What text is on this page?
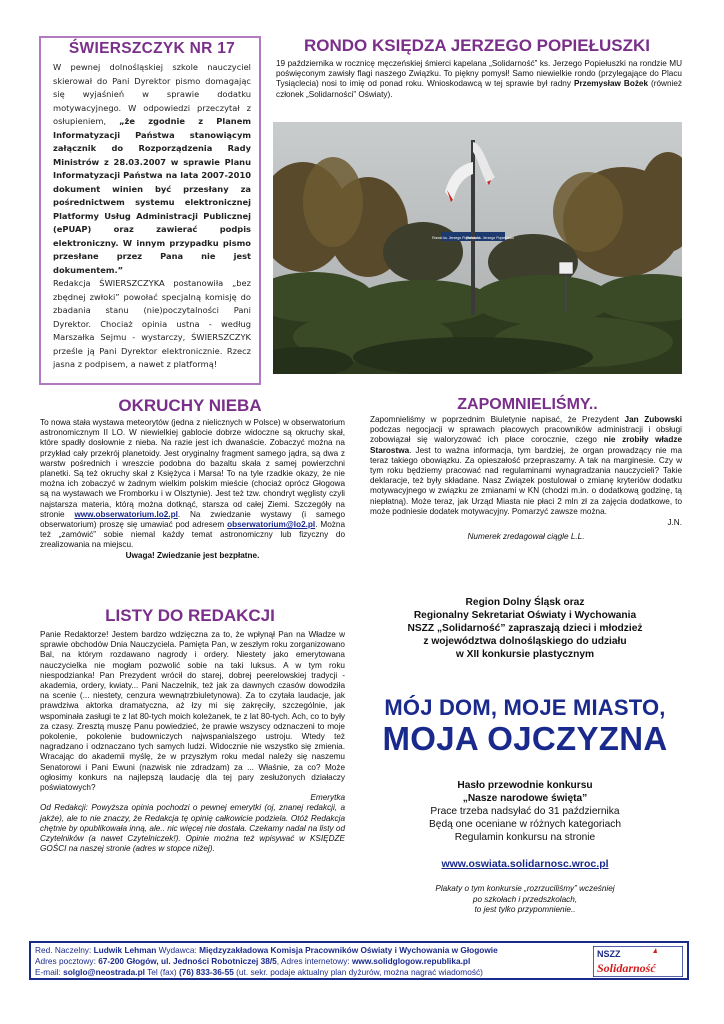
ŚWIERSZCZYK NR 17
W pewnej dolnośląskiej szkole nauczyciel skierował do Pani Dyrektor pismo domagając się wyjaśnień w sprawie dodatku motywacyjnego. W odpowiedzi przeczytał z osłupieniem, „że zgodnie z Planem Informatyzacji Państwa stanowiącym załącznik do Rozporządzenia Rady Ministrów z 28.03.2007 w sprawie Planu Informatyzacji Państwa na lata 2007-2010 dokument winien być przesłany za pośrednictwem systemu elektronicznej Platformy Usług Administracji Publicznej (ePUAP) oraz zawierać podpis elektroniczny. W innym przypadku pismo przesłane przez Pana nie jest dokumentem.”
Redakcja ŚWIERSZCZYKA postanowiła „bez zbędnej zwłoki” powołać specjalną komisję do zbadania stanu (nie)poczytalności Pani Dyrektor. Chociaż opinia ustna - według Marszałka Sejmu - wystarczy, ŚWIERSZCZYK prześle ją Pani Dyrektor elektronicznie. Rzecz jasna z podpisem, a nawet z platformą!
RONDO KSIĘDZA JERZEGO POPIEŁUSZKI
19 października w rocznicę męczeńskiej śmierci kapelana „Solidarność” ks. Jerzego Popiełuszki na rondzie MU poświęconym zawisły flagi naszego Związku. To piękny pomysł! Samo niewielkie rondo (przylegające do Placu Tysiąclecia) nosi to imię od ponad roku. Wnioskodawcą w tej sprawie był radny Przemysław Bożek (również członek „Solidarności” Oświaty).
Rondo ks. Jerzego Popiełuszki
Rondo ks. Jerzego Popiełuszki
OKRUCHY NIEBA
To nowa stała wystawa meteorytów (jedna z nielicznych w Polsce) w obserwatorium astronomicznym II LO. W niewielkiej gablocie dobrze widoczne są okruchy skał, które spadły dosłownie z nieba. Na razie jest ich dwanaście. Zobaczyć można na przykład cały przekrój planetoidy. Jest oryginalny fragment samego jądra, są dwa z warstw pośrednich i wreszcie podobna do bazaltu skała z samej powierzchni planetki. Są też okruchy skał z Księżyca i Marsa! To na tyle rzadkie okazy, że nie można ich zobaczyć w żadnym wielkim polskim mieście (chociaż oprócz Głogowa są na wystawach we Fromborku i w Olsztynie). Jest też tzw. chondryt węglisty czyli najstarsza materia, którą można dotknąć, starsza od całej Ziemi. Szczegóły na stronie www.obserwatorium.lo2.pl. Na zwiedzanie wystawy (i samego obserwatorium) proszę się umawiać pod adresem obserwatorium@lo2.pl. Można też „zamówić” sobie niemal każdy temat astronomiczny lub fizyczny do zrealizowania na miejscu.
Uwaga! Zwiedzanie jest bezpłatne.
ZAPOMNIELIŚMY..
Zapomnieliśmy w poprzednim Biuletynie napisać, że Prezydent Jan Zubowski podczas negocjacji w sprawach płacowych pracowników administracji i obsługi zobowiązał się waloryzować ich płace corocznie, czego nie zrobiły władze Starostwa. Jest to ważna informacja, tym bardziej, że organ prowadzący nie ma teraz takiego obowiązku. Za opieszałość przepraszamy. A tak na marginesie. Czy w tym roku będziemy pracować nad regulaminami wynagradzania nauczycieli? Takie deklaracje, też były składane. Nasz Związek postulował o zmianę kryteriów dodatku motywacyjnego w związku ze zmianami w KN (chodzi m.in. o dodatkową godzinę, tą niepłatną). Może teraz, jak Urząd Miasta nie płaci 2 mln zł za zajęcia dodatkowe, to może podniesie dodatek motywacyjny. Pomarzyć zawsze można.
J.N.
Numerek zredagował ciągle L.L.
LISTY DO REDAKCJI
Panie Redaktorze! Jestem bardzo wdzięczna za to, że wpłynął Pan na Władze w sprawie obchodów Dnia Nauczyciela. Pamięta Pan, w zeszłym roku zorganizowano Bal, na którym rozdawano nagrody i ordery. Niestety jako emerytowana nauczycielka nie mogłam pozwolić sobie na taki luksus. A w tym roku niespodzianka! Pan Prezydent wrócił do starej, dobrej peerelowskiej tradycji - akademia, ordery, kwiaty... Pani Naczelnik, też jak za dawnych czasów dowodziła na scenie (... niestety, cenzura wewnątrzbiuletynowa). Za to czytała laudacje, jak prawdziwa aktorka dramatyczna, aż łzy mi się zakręciły, szczególnie, jak wspominała zasługi te z lat 80-tych moich koleżanek, te z lat 80-tych. Ach, co to były za czasy. Zresztą muszę Panu powiedzieć, że prawie wszyscy odznaczeni to moje pokolenie, pokolenie budowniczych najwspanialszego ustroju. Wtedy też nagradzano i odznaczano tych samych ludzi. Widocznie nie wszystko się zmienia. Wracając do akademii myślę, że w przyszłym roku medal należy się naszemu Senatorowi i Pani Ewuni (nazwisk nie zdradzam) za ... Właśnie, za co? Może ogłosimy konkurs na najlepszą laudację dla tej pary zesłużonych działaczy poświatowych?
Emerytka
Od Redakcji: Powyższa opinia pochodzi o pewnej emerytki (oj, znanej redakcji, a jakże), ale to nie znaczy, że Redakcja tę opinię całkowicie podziela. Otóż Redakcja chętnie by opublikowała inną, ale.. nic więcej nie dostała. Czekamy nadal na listy od Czytelników (a nawet Czytelniczek!). Opinie można też wpisywać w KSIĘDZE GOŚCI na naszej stronie (adres w stopce niżej).
Region Dolny Śląsk oraz
Regionalny Sekretariat Oświaty i Wychowania
NSZZ „Solidarność” zapraszają dzieci i młodzież
z województwa dolnośląskiego do udziału
w XII konkursie plastycznym
MÓJ DOM, MOJE MIASTO,
MOJA OJCZYZNA
Hasło przewodnie konkursu
„Nasze narodowe święta”
Prace trzeba nadsyłać do 31 października
Będą one oceniane w różnych kategoriach
Regulamin konkursu na stronie
www.oswiata.solidarnosc.wroc.pl
Plakaty o tym konkursie „rozrzuciliśmy” wcześniej
po szkołach i przedszkolach,
to jest tylko przypomnienie..
Red. Naczelny: Ludwik Lehman Wydawca: Międzyzakładowa Komisja Pracowników Oświaty i Wychowania w Głogowie
Adres pocztowy: 67-200 Głogów, ul. Jedności Robotniczej 38/5, Adres internetowy: www.solidglogow.republika.pl
E-mail: solglo@neostrada.pl Tel (fax) (76) 833-36-55 (ut. sekr. podaje aktualny plan dyżurów, można nagrać wiadomość)
NSZZ
Solidarność
